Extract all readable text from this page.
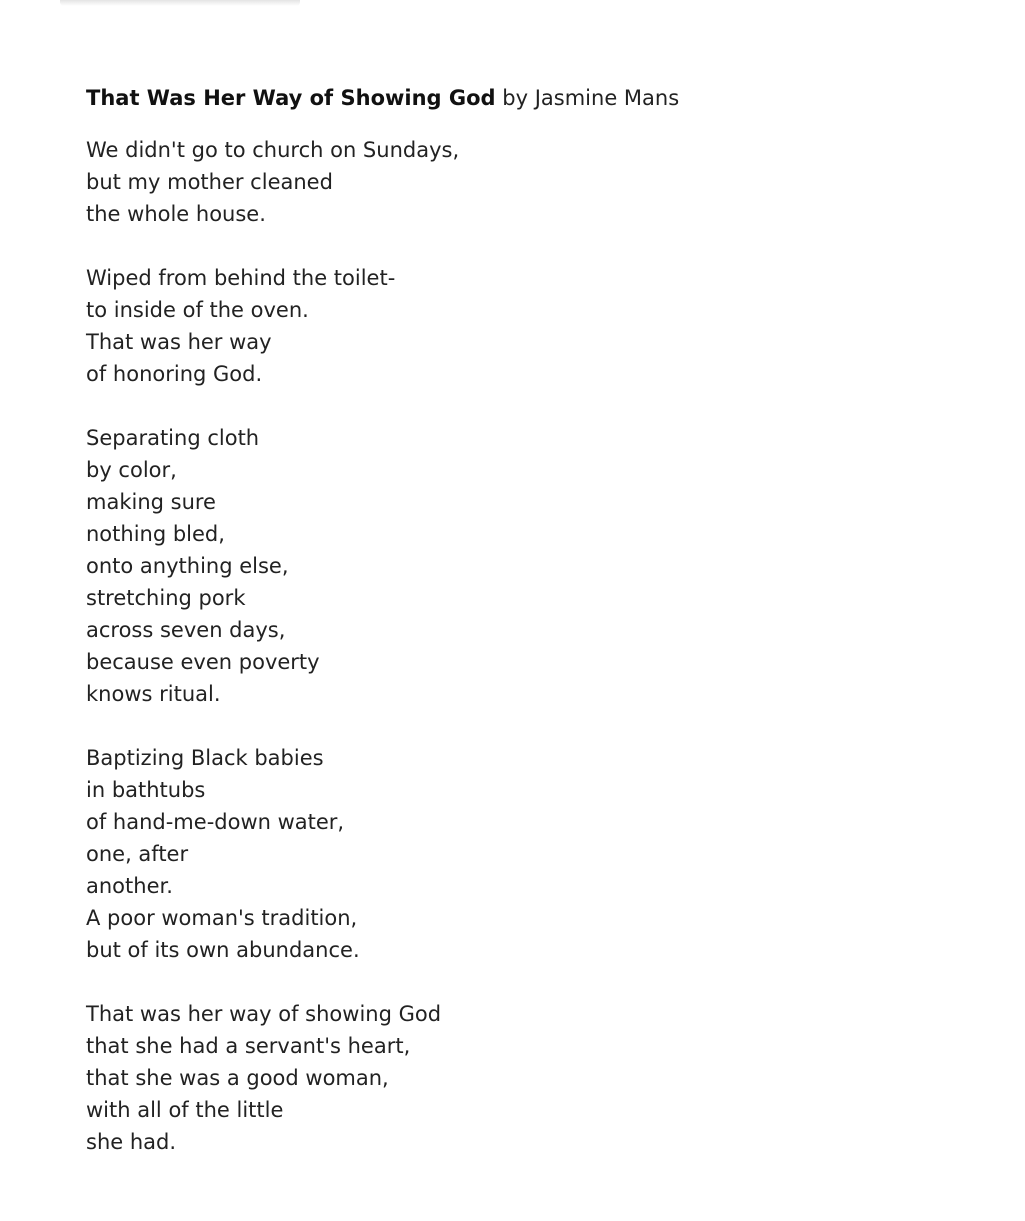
That Was Her Way of Showing God by Jasmine Mans
We didn't go to church on Sundays,
but my mother cleaned
the whole house.
Wiped from behind the toilet-
to inside of the oven.
That was her way
of honoring God.
Separating cloth
by color,
making sure
nothing bled,
onto anything else,
stretching pork
across seven days,
because even poverty
knows ritual.
Baptizing Black babies
in bathtubs
of hand-me-down water,
one, after
another.
A poor woman's tradition,
but of its own abundance.
That was her way of showing God
that she had a servant's heart,
that she was a good woman,
with all of the little
she had.
